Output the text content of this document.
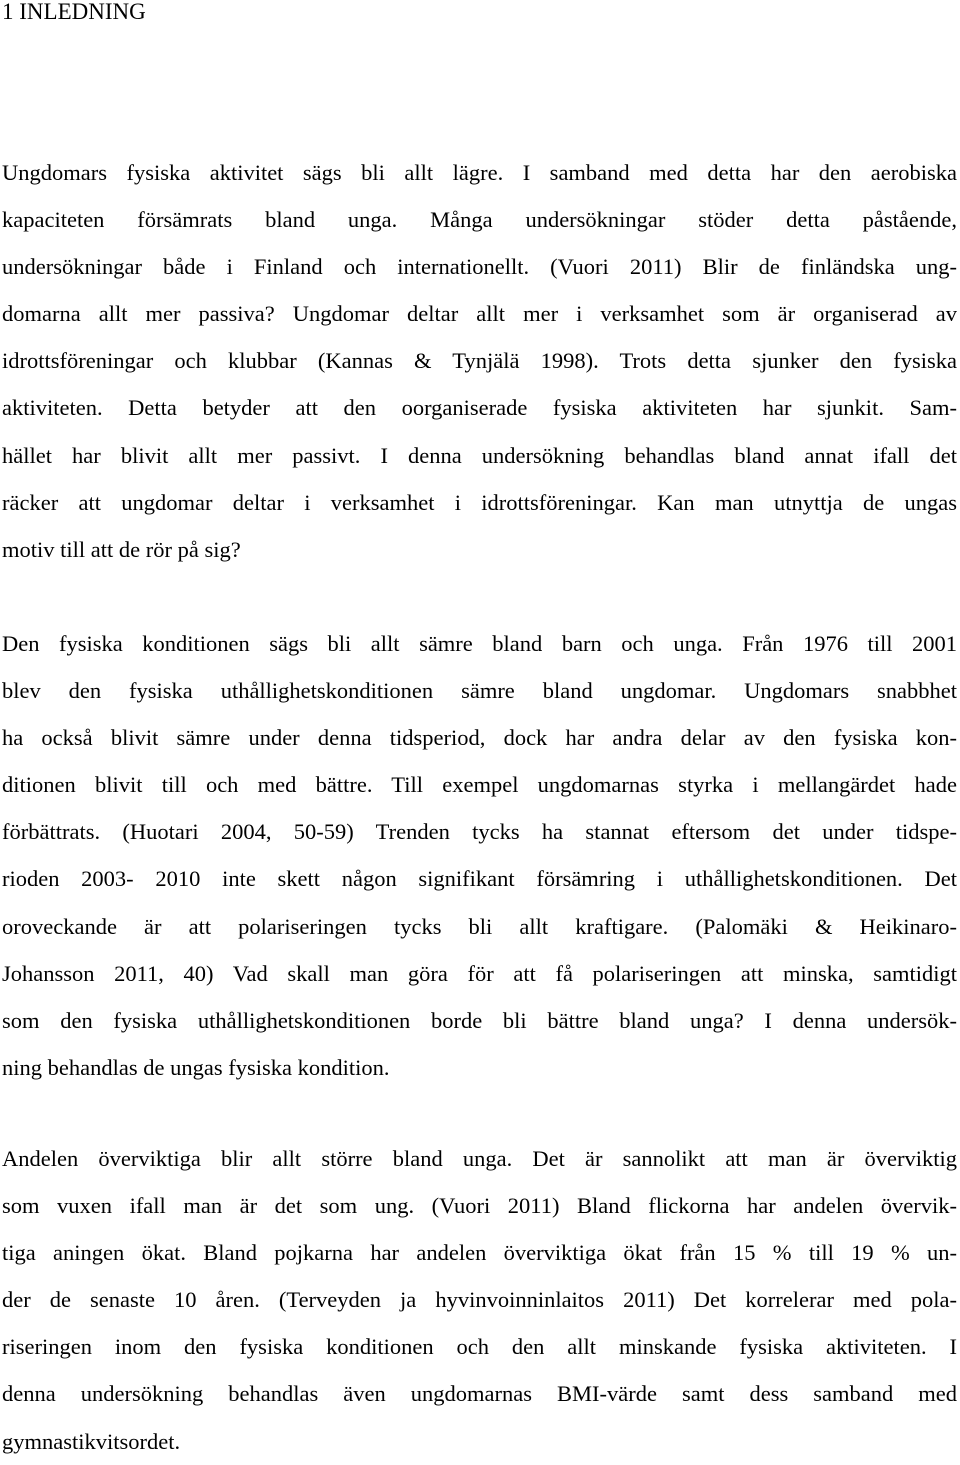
1 INLEDNING
Ungdomars fysiska aktivitet sägs bli allt lägre. I samband med detta har den aerobiska
kapaciteten försämrats bland unga. Många undersökningar stöder detta påstående,
undersökningar både i Finland och internationellt. (Vuori 2011) Blir de finländska ung-
domarna allt mer passiva? Ungdomar deltar allt mer i verksamhet som är organiserad av
idrottsföreningar och klubbar (Kannas & Tynjälä 1998). Trots detta sjunker den fysiska
aktiviteten. Detta betyder att den oorganiserade fysiska aktiviteten har sjunkit. Sam-
hället har blivit allt mer passivt. I denna undersökning behandlas bland annat ifall det
räcker att ungdomar deltar i verksamhet i idrottsföreningar. Kan man utnyttja de ungas
motiv till att de rör på sig?
Den fysiska konditionen sägs bli allt sämre bland barn och unga. Från 1976 till 2001
blev den fysiska uthållighetskonditionen sämre bland ungdomar. Ungdomars snabbhet
ha också blivit sämre under denna tidsperiod, dock har andra delar av den fysiska kon-
ditionen blivit till och med bättre. Till exempel ungdomarnas styrka i mellangärdet hade
förbättrats. (Huotari 2004, 50-59) Trenden tycks ha stannat eftersom det under tidspe-
rioden 2003- 2010 inte skett någon signifikant försämring i uthållighetskonditionen. Det
oroveckande är att polariseringen tycks bli allt kraftigare. (Palomäki & Heikinaro-
Johansson 2011, 40) Vad skall man göra för att få polariseringen att minska, samtidigt
som den fysiska uthållighetskonditionen borde bli bättre bland unga? I denna undersök-
ning behandlas de ungas fysiska kondition.
Andelen överviktiga blir allt större bland unga. Det är sannolikt att man är överviktig
som vuxen ifall man är det som ung. (Vuori 2011) Bland flickorna har andelen övervik-
tiga aningen ökat. Bland pojkarna har andelen överviktiga ökat från 15 % till 19 % un-
der de senaste 10 åren. (Terveyden ja hyvinvoinninlaitos 2011) Det korrelerar med pola-
riseringen inom den fysiska konditionen och den allt minskande fysiska aktiviteten. I
denna undersökning behandlas även ungdomarnas BMI-värde samt dess samband med
gymnastikvitsordet.
